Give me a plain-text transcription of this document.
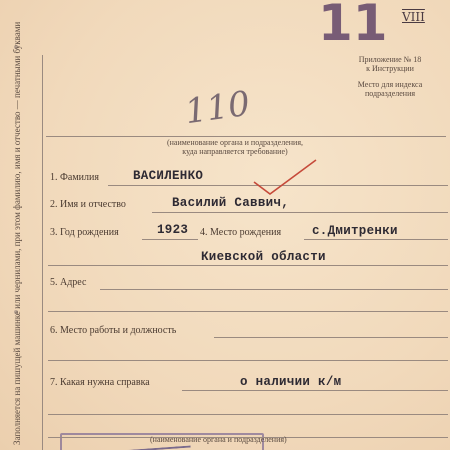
Заполняется на пишущей машинке или чернилами, при этом фамилию, имя и отчество — печатными буквами	11 VIII
Приложение № 18
к Инструкции
Место для индекса
подразделения
110
(наименование органа и подразделения,
куда направляется требование)
1. Фамилия	ВАСИЛЕНКО
2. Имя и отчество	Василий Саввич,
3. Год рождения	1923 4. Место рождения с.Дмитренки
Киевской области
5. Адрес
6. Место работы и должность
7. Какая нужна справка	о наличии к/м
(наименование органа и подразделения)
